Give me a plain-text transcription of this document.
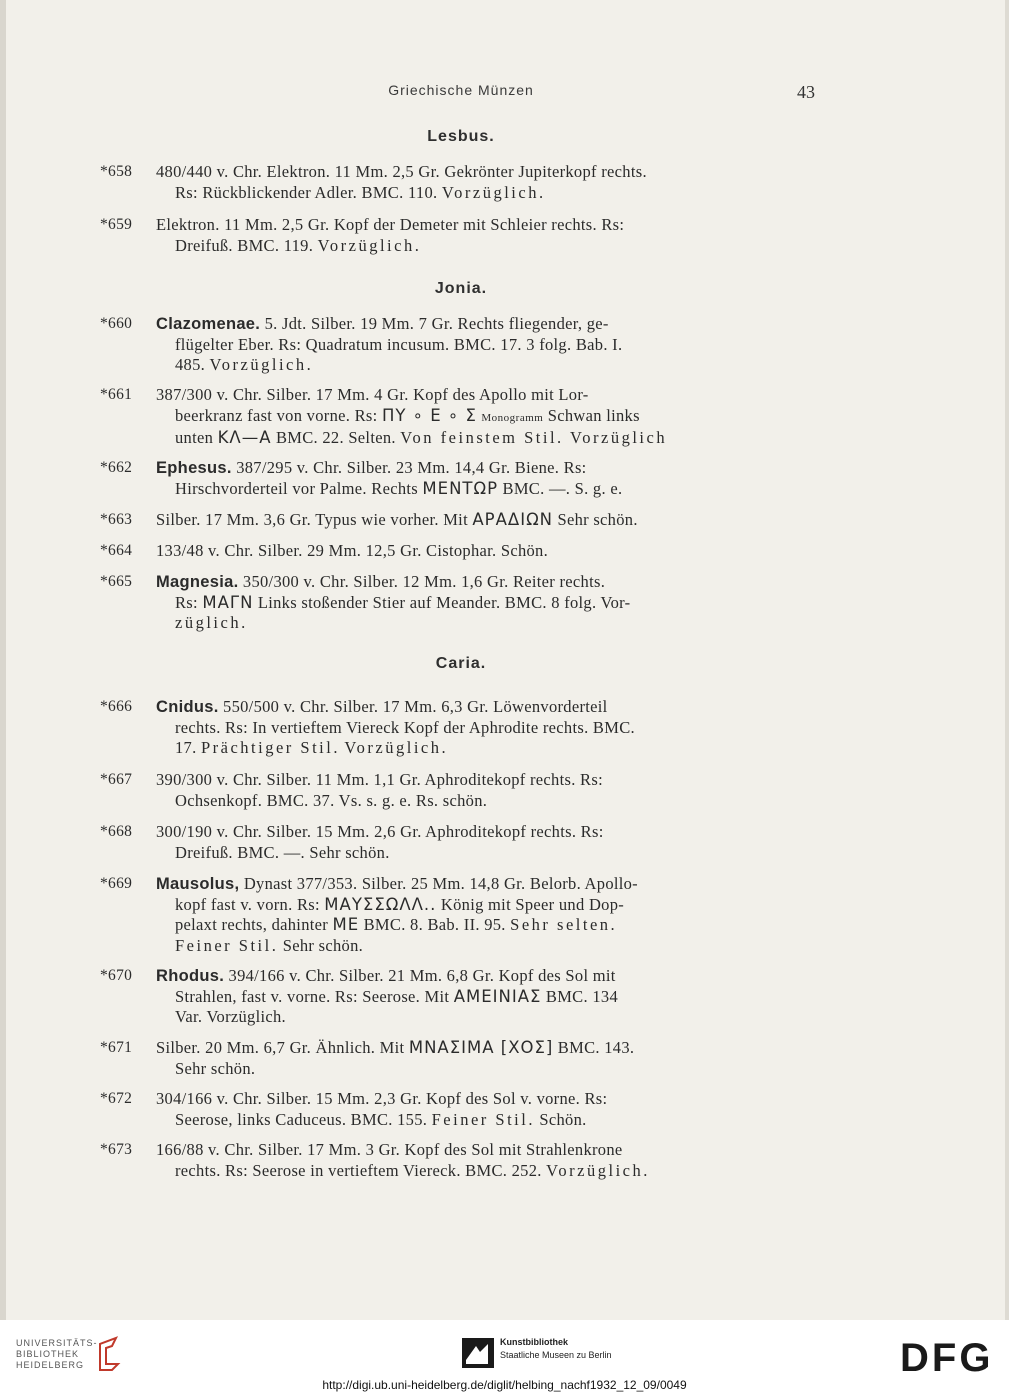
Griechische Münzen	43
Lesbus.
*658 480/440 v. Chr. Elektron. 11 Mm. 2,5 Gr. Gekrönter Jupiterkopf rechts.
Rs: Rückblickender Adler. BMC. 110. Vorzüglich.
*659 Elektron. 11 Mm. 2,5 Gr. Kopf der Demeter mit Schleier rechts. Rs:
Dreifuß. BMC. 119. Vorzüglich.
Jonia.
*660 Clazomenae. 5. Jdt. Silber. 19 Mm. 7 Gr. Rechts fliegender, ge-
flügelter Eber. Rs: Quadratum incusum. BMC. 17. 3 folg. Bab. I.
485. Vorzüglich.
*661 387/300 v. Chr. Silber. 17 Mm. 4 Gr. Kopf des Apollo mit Lor-
beerkranz fast von vorne. Rs: ΠΥ ∘ Ε ∘ Σ Monogramm Schwan links
unten ΚΛ—Α BMC. 22. Selten. Von feinstem Stil. Vorzüglich
*662 Ephesus. 387/295 v. Chr. Silber. 23 Mm. 14,4 Gr. Biene. Rs:
Hirschvorderteil vor Palme. Rechts ΜΕΝΤΩΡ BMC. —. S. g. e.
*663 Silber. 17 Mm. 3,6 Gr. Typus wie vorher. Mit ΑΡΑΔΙΩΝ Sehr schön.
*664 133/48 v. Chr. Silber. 29 Mm. 12,5 Gr. Cistophar. Schön.
*665 Magnesia. 350/300 v. Chr. Silber. 12 Mm. 1,6 Gr. Reiter rechts.
Rs: ΜΑΓΝ Links stoßender Stier auf Meander. BMC. 8 folg. Vor-
züglich.
Caria.
*666 Cnidus. 550/500 v. Chr. Silber. 17 Mm. 6,3 Gr. Löwenvorderteil
rechts. Rs: In vertieftem Viereck Kopf der Aphrodite rechts. BMC.
17. Prächtiger Stil. Vorzüglich.
*667 390/300 v. Chr. Silber. 11 Mm. 1,1 Gr. Aphroditekopf rechts. Rs:
Ochsenkopf. BMC. 37. Vs. s. g. e. Rs. schön.
*668 300/190 v. Chr. Silber. 15 Mm. 2,6 Gr. Aphroditekopf rechts. Rs:
Dreifuß. BMC. —. Sehr schön.
*669 Mausolus, Dynast 377/353. Silber. 25 Mm. 14,8 Gr. Belorb. Apollo-
kopf fast v. vorn. Rs: ΜΑΥΣΣΩΛΛ.. König mit Speer und Dop-
pelaxt rechts, dahinter ΜΕ BMC. 8. Bab. II. 95. Sehr selten.
Feiner Stil. Sehr schön.
*670 Rhodus. 394/166 v. Chr. Silber. 21 Mm. 6,8 Gr. Kopf des Sol mit
Strahlen, fast v. vorne. Rs: Seerose. Mit ΑΜΕΙΝΙΑΣ BMC. 134
Var. Vorzüglich.
*671 Silber. 20 Mm. 6,7 Gr. Ähnlich. Mit ΜΝΑΣΙΜΑ [ΧΟΣ] BMC. 143.
Sehr schön.
*672 304/166 v. Chr. Silber. 15 Mm. 2,3 Gr. Kopf des Sol v. vorne. Rs:
Seerose, links Caduceus. BMC. 155. Feiner Stil. Schön.
*673 166/88 v. Chr. Silber. 17 Mm. 3 Gr. Kopf des Sol mit Strahlenkrone
rechts. Rs: Seerose in vertieftem Viereck. BMC. 252. Vorzüglich.
UNIVERSITÄTS-
BIBLIOTHEK
HEIDELBERG
Kunstbibliothek
Staatliche Museen zu Berlin	DFG
http://digi.ub.uni-heidelberg.de/diglit/helbing_nachf1932_12_09/0049
